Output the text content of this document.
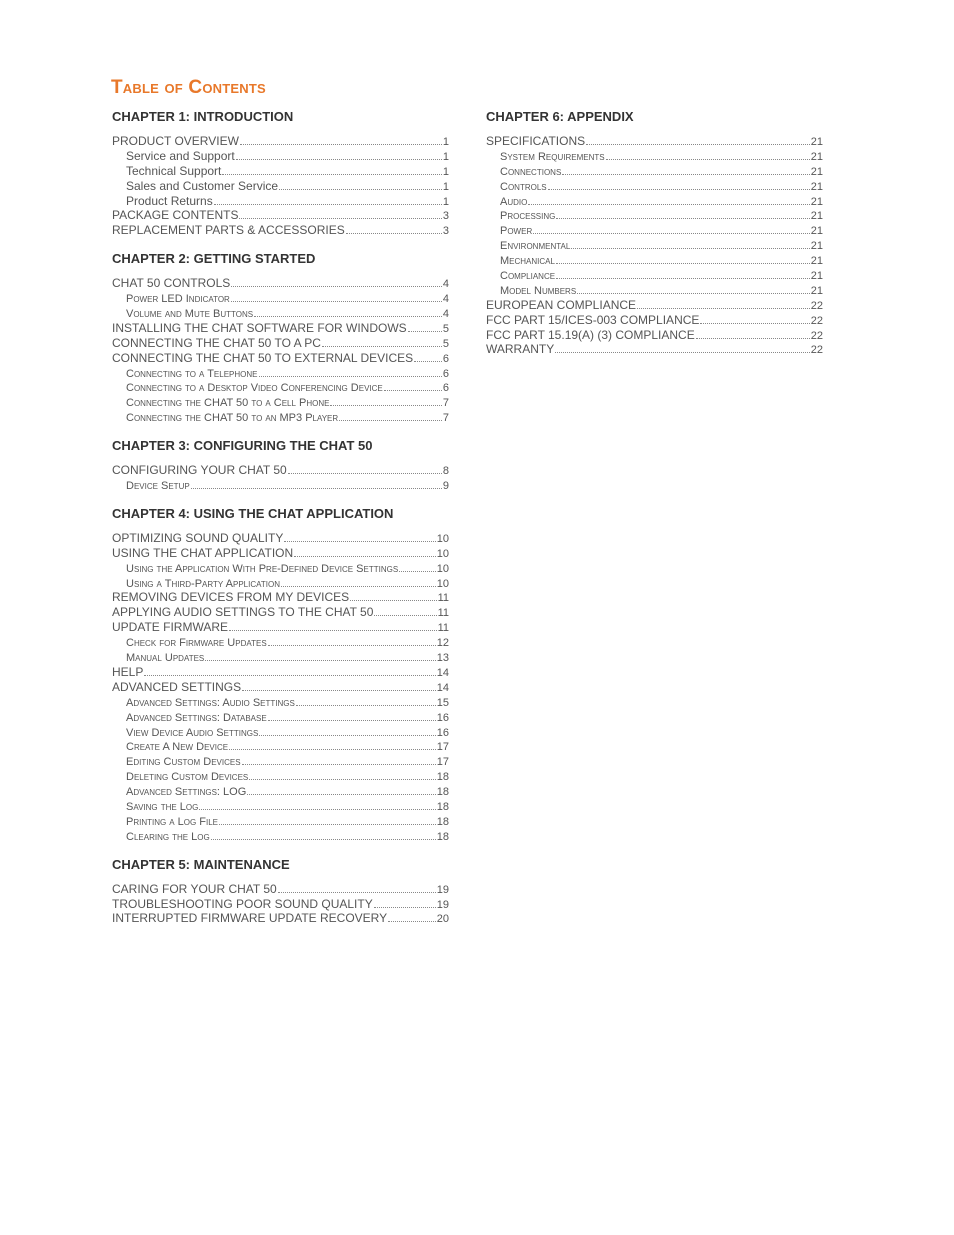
Table of Contents
CHAPTER 1: INTRODUCTION
PRODUCT OVERVIEW	1
Service and Support	1
Technical Support	1
Sales and Customer Service	1
Product Returns	1
PACKAGE CONTENTS	3
REPLACEMENT PARTS & ACCESSORIES	3
CHAPTER 2: GETTING STARTED
CHAT 50 CONTROLS	4
Power LED Indicator	4
Volume and Mute Buttons	4
INSTALLING THE CHAT SOFTWARE FOR WINDOWS	5
CONNECTING THE CHAT 50 TO A PC	5
CONNECTING THE CHAT 50 TO EXTERNAL DEVICES	6
Connecting to a Telephone	6
Connecting to a Desktop Video Conferencing Device	6
Connecting the CHAT 50 to a Cell Phone	7
Connecting the CHAT 50 to an MP3 Player	7
CHAPTER 3: CONFIGURING THE CHAT 50
CONFIGURING YOUR CHAT 50	8
Device Setup	9
CHAPTER 4: USING THE CHAT APPLICATION
OPTIMIZING SOUND QUALITY	10
USING THE CHAT APPLICATION	10
Using the Application With Pre-Defined Device Settings	10
Using a Third-Party Application	10
REMOVING DEVICES FROM MY DEVICES	11
APPLYING AUDIO SETTINGS TO THE CHAT 50	11
UPDATE FIRMWARE	11
Check for Firmware Updates	12
Manual Updates	13
HELP	14
ADVANCED SETTINGS	14
Advanced Settings: Audio Settings	15
Advanced Settings: Database	16
View Device Audio Settings	16
Create A New Device	17
Editing Custom Devices	17
Deleting Custom Devices	18
Advanced Settings: LOG	18
Saving the Log	18
Printing a Log File	18
Clearing the Log	18
CHAPTER 5: MAINTENANCE
CARING FOR YOUR CHAT 50	19
TROUBLESHOOTING POOR SOUND QUALITY	19
INTERRUPTED FIRMWARE UPDATE RECOVERY	20
CHAPTER 6: APPENDIX
SPECIFICATIONS	21
System Requirements	21
Connections	21
Controls	21
Audio	21
Processing	21
Power	21
Environmental	21
Mechanical	21
Compliance	21
Model Numbers	21
EUROPEAN COMPLIANCE	22
FCC PART 15/ICES-003 COMPLIANCE	22
FCC PART 15.19(A) (3) COMPLIANCE	22
WARRANTY	22
